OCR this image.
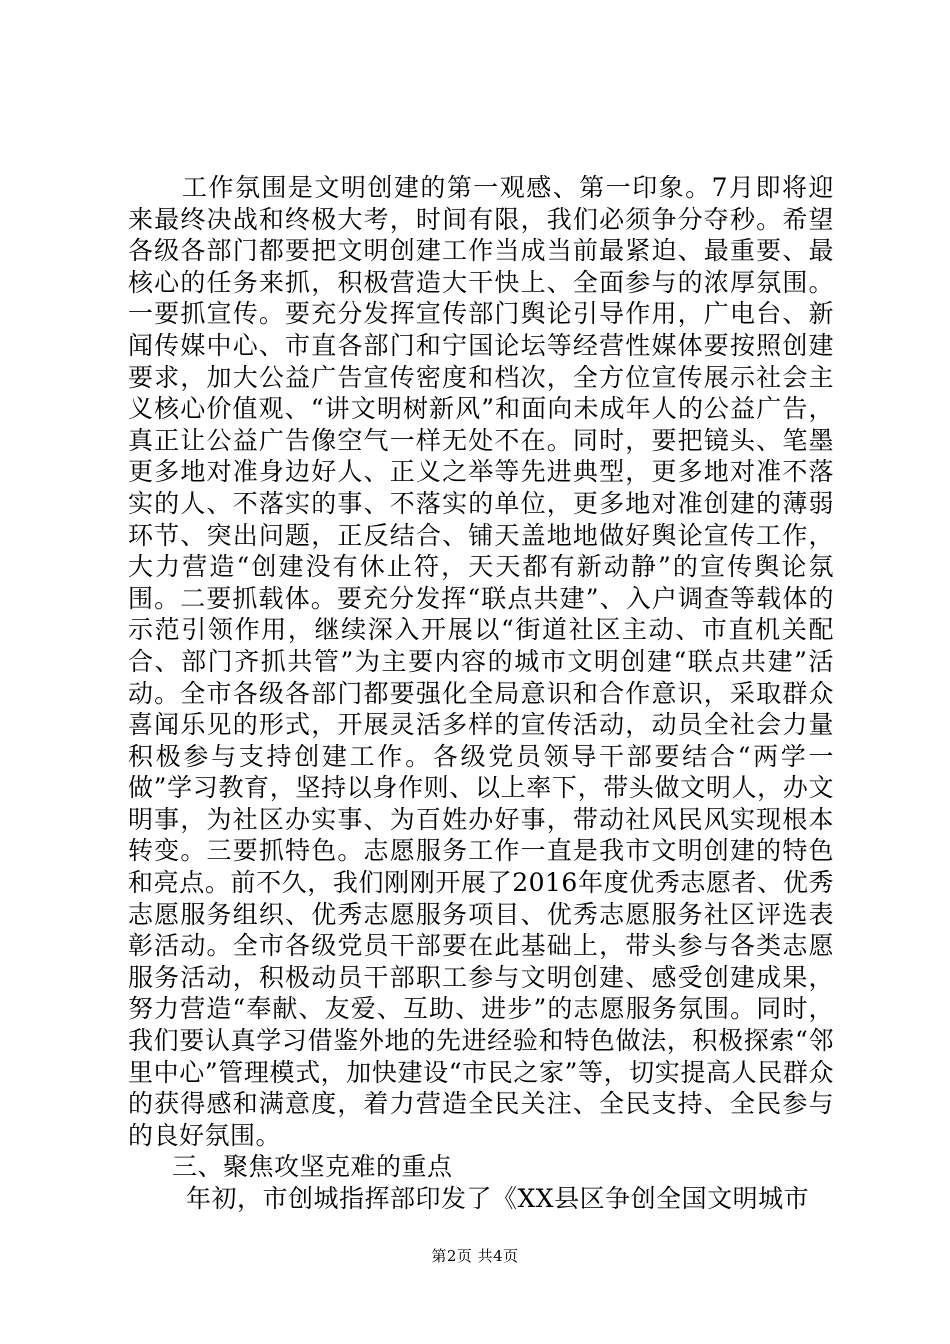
工作氛围是文明创建的第一观感、第一印象。7月即将迎来最终决战和终极大考，时间有限，我们必须争分夺秒。希望各级各部门都要把文明创建工作当成当前最紧迫、最重要、最核心的任务来抓，积极营造大干快上、全面参与的浓厚氛围。一要抓宣传。要充分发挥宣传部门舆论引导作用，广电台、新闻传媒中心、市直各部门和宁国论坛等经营性媒体要按照创建要求，加大公益广告宣传密度和档次，全方位宣传展示社会主义核心价值观、“讲文明树新风”和面向未成年人的公益广告，真正让公益广告像空气一样无处不在。同时，要把镜头、笔墨更多地对准身边好人、正义之举等先进典型，更多地对准不落实的人、不落实的事、不落实的单位，更多地对准创建的薄弱环节、突出问题，正反结合、铺天盖地地做好舆论宣传工作，大力营造“创建没有休止符，天天都有新动静”的宣传舆论氛围。二要抓载体。要充分发挥“联点共建”、入户调查等载体的示范引领作用，继续深入开展以“街道社区主动、市直机关配合、部门齐抓共管”为主要内容的城市文明创建“联点共建”活动。全市各级各部门都要强化全局意识和合作意识，采取群众喜闻乐见的形式，开展灵活多样的宣传活动，动员全社会力量积极参与支持创建工作。各级党员领导干部要结合“两学一做”学习教育，坚持以身作则、以上率下，带头做文明人，办文明事，为社区办实事、为百姓办好事，带动社风民风实现根本转变。三要抓特色。志愿服务工作一直是我市文明创建的特色和亮点。前不久，我们刚刚开展了2016年度优秀志愿者、优秀志愿服务组织、优秀志愿服务项目、优秀志愿服务社区评选表彰活动。全市各级党员干部要在此基础上，带头参与各类志愿服务活动，积极动员干部职工参与文明创建、感受创建成果，努力营造“奉献、友爱、互助、进步”的志愿服务氛围。同时，我们要认真学习借鉴外地的先进经验和特色做法，积极探索“邻里中心”管理模式，加快建设“市民之家”等，切实提高人民群众的获得感和满意度，着力营造全民关注、全民支持、全民参与的良好氛围。

三、聚焦攻坚克难的重点

年初，市创城指挥部印发了《XX县区争创全国文明城市

第2页 共4页
